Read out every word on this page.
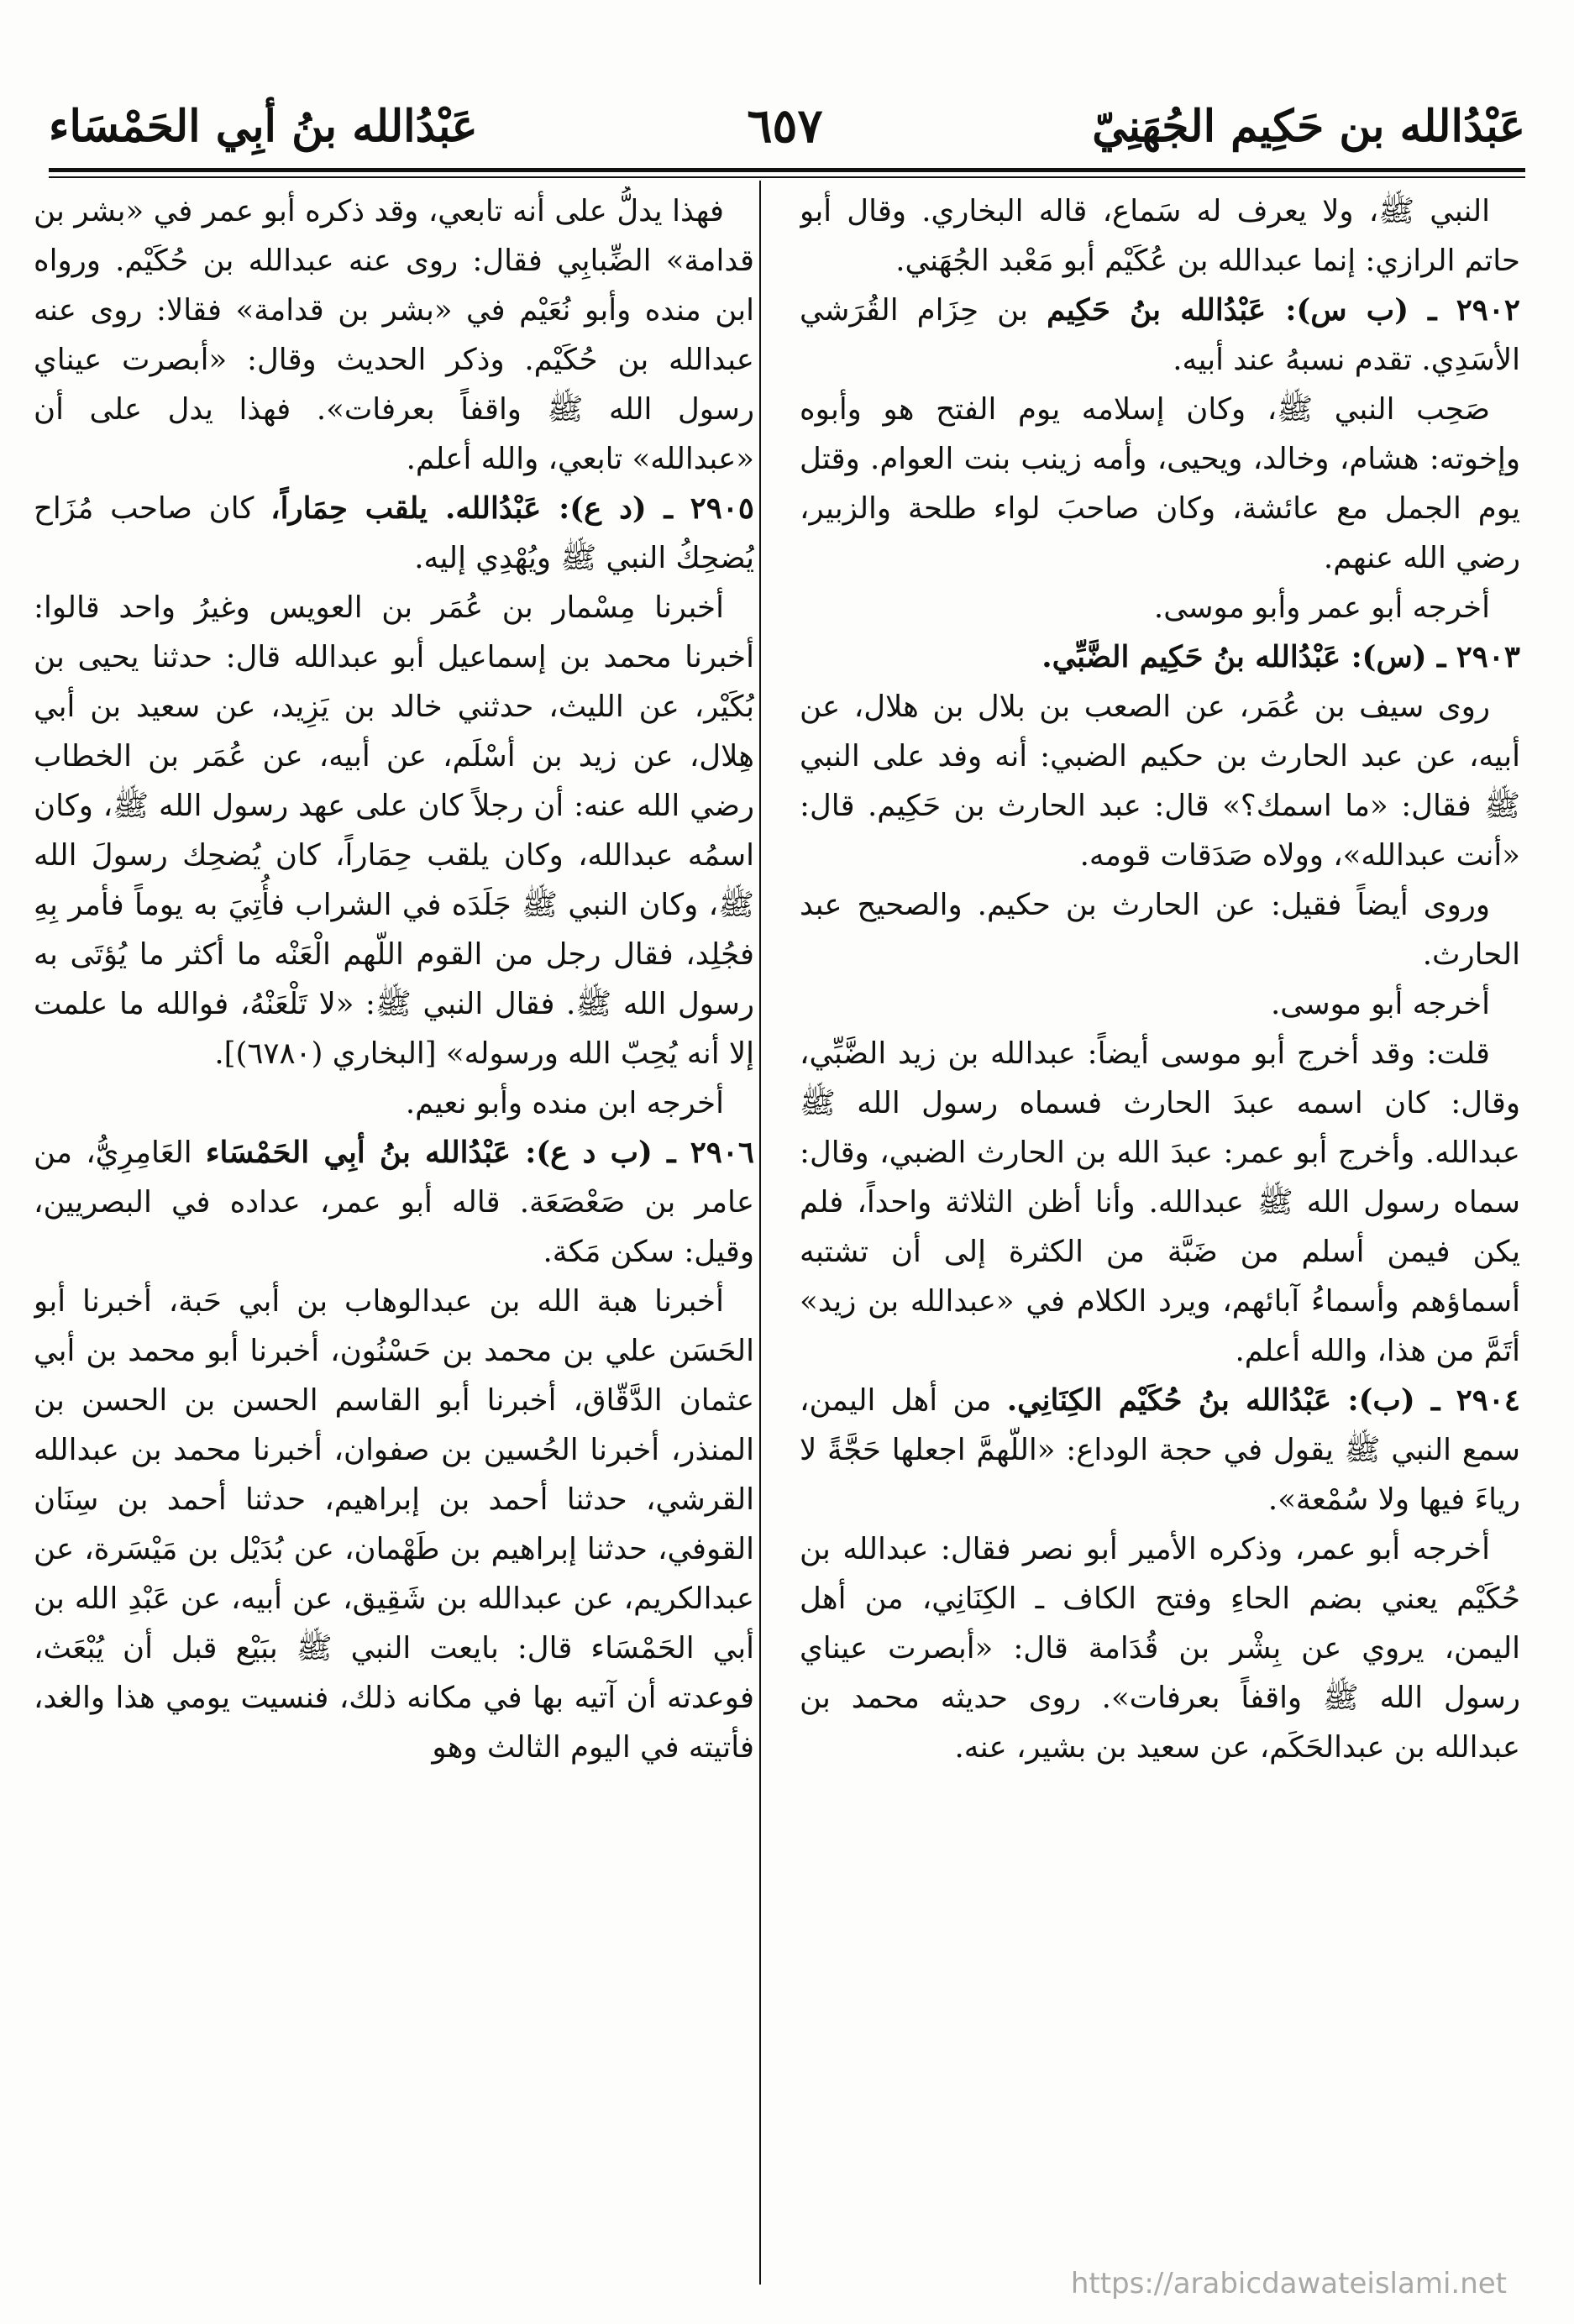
عَبْدُالله بن حَكِيم الجُهَنِيّ
٦٥٧
عَبْدُالله بنُ أبِي الحَمْسَاء

النبي ﷺ، ولا يعرف له سَماع، قاله البخاري. وقال أبو حاتم الرازي: إنما عبدالله بن عُكَيْم أبو مَعْبد الجُهَني.

٢٩٠٢ ـ (ب س): عَبْدُالله بنُ حَكِيم بن حِزَام القُرَشي الأسَدِي. تقدم نسبهُ عند أبيه.

صَحِب النبي ﷺ، وكان إسلامه يوم الفتح هو وأبوه وإخوته: هشام، وخالد، ويحيى، وأمه زينب بنت العوام. وقتل يوم الجمل مع عائشة، وكان صاحبَ لواء طلحة والزبير، رضي الله عنهم.

أخرجه أبو عمر وأبو موسى.

٢٩٠٣ ـ (س): عَبْدُالله بنُ حَكِيم الضَّبِّي.

روى سيف بن عُمَر، عن الصعب بن بلال بن هلال، عن أبيه، عن عبد الحارث بن حكيم الضبي: أنه وفد على النبي ﷺ فقال: «ما اسمك؟» قال: عبد الحارث بن حَكِيم. قال: «أنت عبدالله»، وولاه صَدَقات قومه.

وروى أيضاً فقيل: عن الحارث بن حكيم. والصحيح عبد الحارث.

أخرجه أبو موسى.

قلت: وقد أخرج أبو موسى أيضاً: عبدالله بن زيد الضَّبِّي، وقال: كان اسمه عبدَ الحارث فسماه رسول الله ﷺ عبدالله. وأخرج أبو عمر: عبدَ الله بن الحارث الضبي، وقال: سماه رسول الله ﷺ عبدالله. وأنا أظن الثلاثة واحداً، فلم يكن فيمن أسلم من ضَبَّة من الكثرة إلى أن تشتبه أسماؤهم وأسماءُ آبائهم، ويرد الكلام في «عبدالله بن زيد» أتَمَّ من هذا، والله أعلم.

٢٩٠٤ ـ (ب): عَبْدُالله بنُ حُكَيْم الكِنَانِي. من أهل اليمن، سمع النبي ﷺ يقول في حجة الوداع: «اللّهمَّ اجعلها حَجَّةً لا رياءَ فيها ولا سُمْعة».

أخرجه أبو عمر، وذكره الأمير أبو نصر فقال: عبدالله بن حُكَيْم يعني بضم الحاءِ وفتح الكاف ـ الكِنَانِي، من أهل اليمن، يروي عن بِشْر بن قُدَامة قال: «أبصرت عيناي رسول الله ﷺ واقفاً بعرفات». روى حديثه محمد بن عبدالله بن عبدالحَكَم، عن سعيد بن بشير، عنه.

فهذا يدلُّ على أنه تابعي، وقد ذكره أبو عمر في «بشر بن قدامة» الضِّبابِي فقال: روى عنه عبدالله بن حُكَيْم. ورواه ابن منده وأبو نُعَيْم في «بشر بن قدامة» فقالا: روى عنه عبدالله بن حُكَيْم. وذكر الحديث وقال: «أبصرت عيناي رسول الله ﷺ واقفاً بعرفات». فهذا يدل على أن «عبدالله» تابعي، والله أعلم.

٢٩٠٥ ـ (د ع): عَبْدُالله. يلقب حِمَاراً، كان صاحب مُزَاح يُضحِكُ النبي ﷺ ويُهْدِي إليه.

أخبرنا مِسْمار بن عُمَر بن العويس وغيرُ واحد قالوا: أخبرنا محمد بن إسماعيل أبو عبدالله قال: حدثنا يحيى بن بُكَيْر، عن الليث، حدثني خالد بن يَزِيد، عن سعيد بن أبي هِلال، عن زيد بن أسْلَم، عن أبيه، عن عُمَر بن الخطاب رضي الله عنه: أن رجلاً كان على عهد رسول الله ﷺ، وكان اسمُه عبدالله، وكان يلقب حِمَاراً، كان يُضحِك رسولَ الله ﷺ، وكان النبي ﷺ جَلَدَه في الشراب فأُتِيَ به يوماً فأمر بِهِ فجُلِد، فقال رجل من القوم اللّهم الْعَنْه ما أكثر ما يُؤتَى به رسول الله ﷺ. فقال النبي ﷺ: «لا تَلْعَنْهُ، فوالله ما علمت إلا أنه يُحِبّ الله ورسوله» [البخاري (٦٧٨٠)].

أخرجه ابن منده وأبو نعيم.

٢٩٠٦ ـ (ب د ع): عَبْدُالله بنُ أبِي الحَمْسَاء العَامِرِيُّ، من عامر بن صَعْصَعَة. قاله أبو عمر، عداده في البصريين، وقيل: سكن مَكة.

أخبرنا هبة الله بن عبدالوهاب بن أبي حَبة، أخبرنا أبو الحَسَن علي بن محمد بن حَسْنُون، أخبرنا أبو محمد بن أبي عثمان الدَّقّاق، أخبرنا أبو القاسم الحسن بن الحسن بن المنذر، أخبرنا الحُسين بن صفوان، أخبرنا محمد بن عبدالله القرشي، حدثنا أحمد بن إبراهيم، حدثنا أحمد بن سِنَان القوفي، حدثنا إبراهيم بن طَهْمان، عن بُدَيْل بن مَيْسَرة، عن عبدالكريم، عن عبدالله بن شَقِيق، عن أبيه، عن عَبْدِ الله بن أبي الحَمْسَاء قال: بايعت النبي ﷺ ببَيْع قبل أن يُبْعَث، فوعدته أن آتيه بها في مكانه ذلك، فنسيت يومي هذا والغد، فأتيته في اليوم الثالث وهو

https://arabicdawateislami.net
